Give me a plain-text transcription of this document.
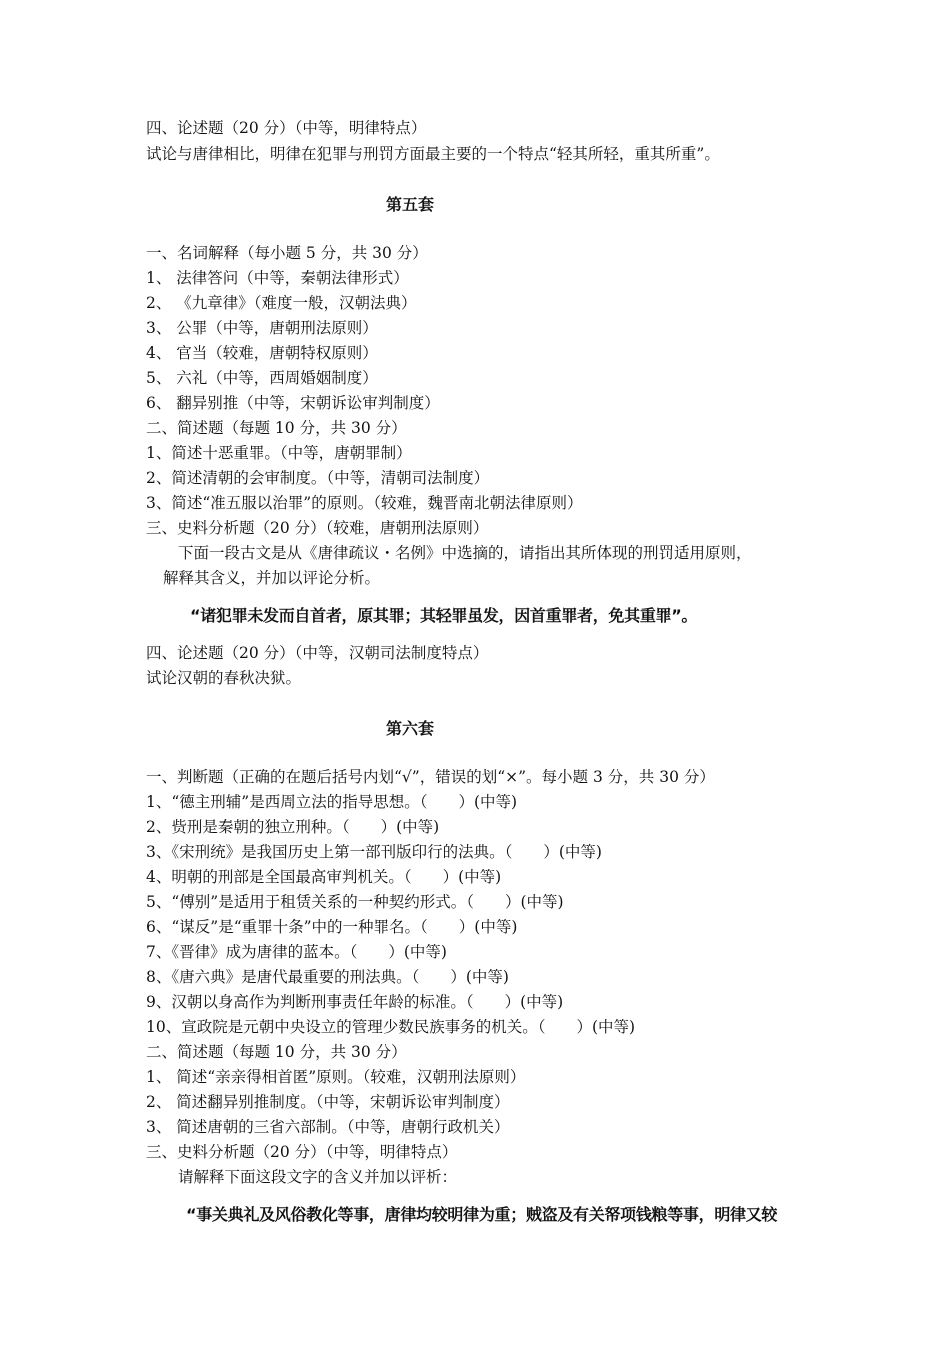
四、论述题（20 分）（中等，明律特点）
试论与唐律相比，明律在犯罪与刑罚方面最主要的一个特点“轻其所轻，重其所重”。
第五套
一、名词解释（每小题 5 分，共 30 分）
1、 法律答问（中等，秦朝法律形式）
2、 《九章律》（难度一般，汉朝法典）
3、 公罪（中等，唐朝刑法原则）
4、 官当（较难，唐朝特权原则）
5、 六礼（中等，西周婚姻制度）
6、 翻异别推（中等，宋朝诉讼审判制度）
二、简述题（每题 10 分，共 30 分）
1、简述十恶重罪。（中等，唐朝罪制）
2、简述清朝的会审制度。（中等，清朝司法制度）
3、简述“准五服以治罪”的原则。（较难，魏晋南北朝法律原则）
三、史料分析题（20 分）（较难，唐朝刑法原则）
下面一段古文是从《唐律疏议・名例》中选摘的，请指出其所体现的刑罚适用原则，
解释其含义，并加以评论分析。
“诸犯罪未发而自首者，原其罪；其轻罪虽发，因首重罪者，免其重罪”。
四、论述题（20 分）（中等，汉朝司法制度特点）
试论汉朝的春秋决狱。
第六套
一、判断题（正确的在题后括号内划“√”，错误的划“×”。每小题 3 分，共 30 分）
1、“德主刑辅”是西周立法的指导思想。（　　）(中等)
2、赀刑是秦朝的独立刑种。（　　）(中等)
3、《宋刑统》是我国历史上第一部刊版印行的法典。（　　）(中等)
4、明朝的刑部是全国最高审判机关。（　　）(中等)
5、“傅别”是适用于租赁关系的一种契约形式。（　　）(中等)
6、“谋反”是“重罪十条”中的一种罪名。（　　）(中等)
7、《晋律》成为唐律的蓝本。（　　）(中等)
8、《唐六典》是唐代最重要的刑法典。（　　）(中等)
9、汉朝以身高作为判断刑事责任年龄的标准。（　　）(中等)
10、宣政院是元朝中央设立的管理少数民族事务的机关。（　　）(中等)
二、简述题（每题 10 分，共 30 分）
1、 简述“亲亲得相首匿”原则。（较难，汉朝刑法原则）
2、 简述翻异别推制度。（中等，宋朝诉讼审判制度）
3、 简述唐朝的三省六部制。（中等，唐朝行政机关）
三、史料分析题（20 分）（中等，明律特点）
请解释下面这段文字的含义并加以评析：
“事关典礼及风俗教化等事，唐律均较明律为重；贼盗及有关帑项钱粮等事，明律又较
